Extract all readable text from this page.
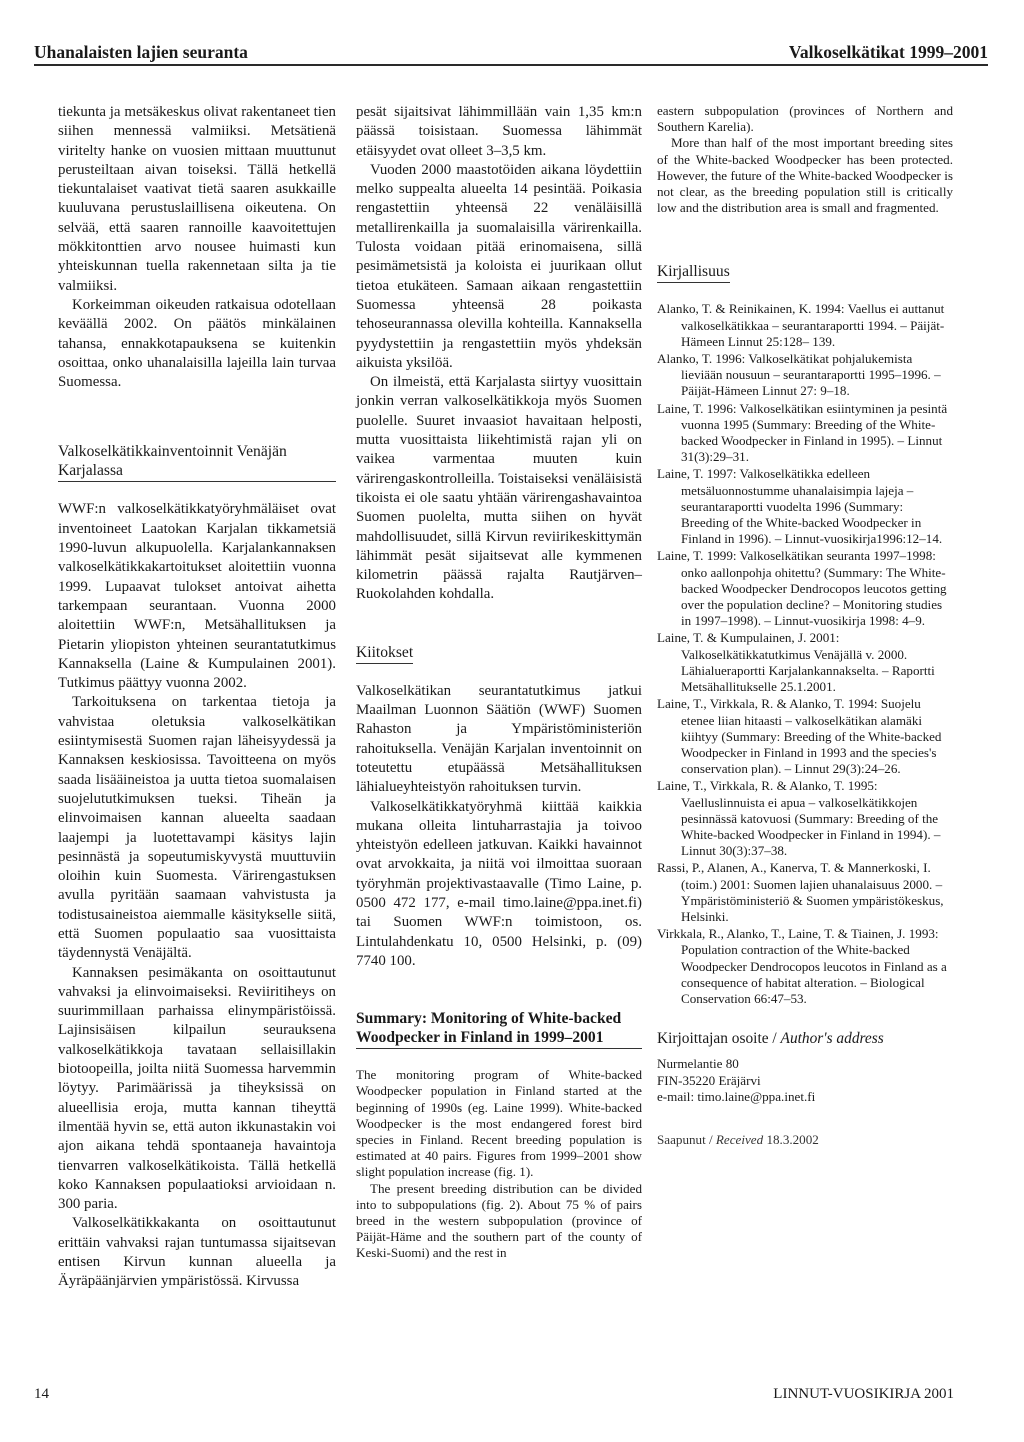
Uhanalaisten lajien seuranta	Valkoselkätikat 1999–2001

tiekunta ja metsäkeskus olivat rakentaneet tien siihen mennessä valmiiksi. Metsätienä viritelty hanke on vuosien mittaan muuttunut perusteiltaan aivan toiseksi. Tällä hetkellä tiekuntalaiset vaativat tietä saaren asukkaille kuuluvana perustuslaillisena oikeutena. On selvää, että saaren rannoille kaavoitettujen mökkitonttien arvo nousee huimasti kun yhteiskunnan tuella rakennetaan silta ja tie valmiiksi.

Korkeimman oikeuden ratkaisua odotellaan keväällä 2002. On päätös minkälainen tahansa, ennakkotapauksena se kuitenkin osoittaa, onko uhanalaisilla lajeilla lain turvaa Suomessa.

Valkoselkätikkainventoinnit Venäjän Karjalassa

WWF:n valkoselkätikkatyöryhmäläiset ovat inventoineet Laatokan Karjalan tikkametsiä 1990-luvun alkupuolella. Karjalankannaksen valkoselkätikkakartoitukset aloitettiin vuonna 1999. Lupaavat tulokset antoivat aihetta tarkempaan seurantaan. Vuonna 2000 aloitettiin WWF:n, Metsähallituksen ja Pietarin yliopiston yhteinen seurantatutkimus Kannaksella (Laine & Kumpulainen 2001). Tutkimus päättyy vuonna 2002.

Tarkoituksena on tarkentaa tietoja ja vahvistaa oletuksia valkoselkätikan esiintymisestä Suomen rajan läheisyydessä ja Kannaksen keskiosissa. Tavoitteena on myös saada lisääineistoa ja uutta tietoa suomalaisen suojelututkimuksen tueksi. Tiheän ja elinvoimaisen kannan alueelta saadaan laajempi ja luotettavampi käsitys lajin pesinnästä ja sopeutumiskyvystä muuttuviin oloihin kuin Suomesta. Värirengastuksen avulla pyritään saamaan vahvistusta ja todistusaineistoa aiemmalle käsitykselle siitä, että Suomen populaatio saa vuosittaista täydennystä Venäjältä.

Kannaksen pesimäkanta on osoittautunut vahvaksi ja elinvoimaiseksi. Reviiritiheys on suurimmillaan parhaissa elinympäristöissä. Lajinsisäisen kilpailun seurauksena valkoselkätikkoja tavataan sellaisillakin biotoopeilla, joilta niitä Suomessa harvemmin löytyy. Parimäärissä ja tiheyksissä on alueellisia eroja, mutta kannan tiheyttä ilmentää hyvin se, että auton ikkunastakin voi ajon aikana tehdä spontaaneja havaintoja tienvarren valkoselkätikoista. Tällä hetkellä koko Kannaksen populaatioksi arvioidaan n. 300 paria.

Valkoselkätikkakanta on osoittautunut erittäin vahvaksi rajan tuntumassa sijaitsevan entisen Kirvun kunnan alueella ja Äyräpäänjärvien ympäristössä. Kirvussa

pesät sijaitsivat lähimmillään vain 1,35 km:n päässä toisistaan. Suomessa lähimmät etäisyydet ovat olleet 3–3,5 km.

Vuoden 2000 maastotöiden aikana löydettiin melko suppealta alueelta 14 pesintää. Poikasia rengastettiin yhteensä 22 venäläisillä metallirenkailla ja suomalaisilla värirenkailla. Tulosta voidaan pitää erinomaisena, sillä pesimämetsistä ja koloista ei juurikaan ollut tietoa etukäteen. Samaan aikaan rengastettiin Suomessa yhteensä 28 poikasta tehoseurannassa olevilla kohteilla. Kannaksella pyydystettiin ja rengastettiin myös yhdeksän aikuista yksilöä.

On ilmeistä, että Karjalasta siirtyy vuosittain jonkin verran valkoselkätikkoja myös Suomen puolelle. Suuret invaasiot havaitaan helposti, mutta vuosittaista liikehtimistä rajan yli on vaikea varmentaa muuten kuin värirengaskontrolleilla. Toistaiseksi venäläisistä tikoista ei ole saatu yhtään värirengashavaintoa Suomen puolelta, mutta siihen on hyvät mahdollisuudet, sillä Kirvun reviirikeskittymän lähimmät pesät sijaitsevat alle kymmenen kilometrin päässä rajalta Rautjärven–Ruokolahden kohdalla.

Kiitokset

Valkoselkätikan seurantatutkimus jatkui Maailman Luonnon Säätiön (WWF) Suomen Rahaston ja Ympäristöministeriön rahoituksella. Venäjän Karjalan inventoinnit on toteutettu etupäässä Metsähallituksen lähialueyhteistyön rahoituksen turvin.

Valkoselkätikkatyöryhmä kiittää kaikkia mukana olleita lintuharrastajia ja toivoo yhteistyön edelleen jatkuvan. Kaikki havainnot ovat arvokkaita, ja niitä voi ilmoittaa suoraan työryhmän projektivastaavalle (Timo Laine, p. 0500 472 177, e-mail timo.laine@ppa.inet.fi) tai Suomen WWF:n toimistoon, os. Lintulahdenkatu 10, 0500 Helsinki, p. (09) 7740 100.

Summary: Monitoring of White-backed Woodpecker in Finland in 1999–2001

The monitoring program of White-backed Woodpecker population in Finland started at the beginning of 1990s (eg. Laine 1999). White-backed Woodpecker is the most endangered forest bird species in Finland. Recent breeding population is estimated at 40 pairs. Figures from 1999–2001 show slight population increase (fig. 1).

The present breeding distribution can be divided into to subpopulations (fig. 2). About 75 % of pairs breed in the western subpopulation (province of Päijät-Häme and the southern part of the county of Keski-Suomi) and the rest in

eastern subpopulation (provinces of Northern and Southern Karelia).

More than half of the most important breeding sites of the White-backed Woodpecker has been protected. However, the future of the White-backed Woodpecker is not clear, as the breeding population still is critically low and the distribution area is small and fragmented.

Kirjallisuus
Alanko, T. & Reinikainen, K. 1994: Vaellus ei auttanut valkoselkätikkaa – seurantaraportti 1994. – Päijät-Hämeen Linnut 25:128– 139.
Alanko, T. 1996: Valkoselkätikat pohjalukemista lieviään nousuun – seurantaraportti 1995–1996. – Päijät-Hämeen Linnut 27: 9–18.
Laine, T. 1996: Valkoselkätikan esiintyminen ja pesintä vuonna 1995 (Summary: Breeding of the White-backed Woodpecker in Finland in 1995). – Linnut 31(3):29–31.
Laine, T. 1997: Valkoselkätikka edelleen metsäluonnostumme uhanalaisimpia lajeja – seurantaraportti vuodelta 1996 (Summary: Breeding of the White-backed Woodpecker in Finland in 1996). – Linnut-vuosikirja1996:12–14.
Laine, T. 1999: Valkoselkätikan seuranta 1997–1998: onko aallonpohja ohitettu? (Summary: The White-backed Woodpecker Dendrocopos leucotos getting over the population decline? – Monitoring studies in 1997–1998). – Linnut-vuosikirja 1998: 4–9.
Laine, T. & Kumpulainen, J. 2001: Valkoselkätikkatutkimus Venäjällä v. 2000. Lähialueraportti Karjalankannakselta. – Raportti Metsähallitukselle 25.1.2001.
Laine, T., Virkkala, R. & Alanko, T. 1994: Suojelu etenee liian hitaasti – valkoselkätikan alamäki kiihtyy (Summary: Breeding of the White-backed Woodpecker in Finland in 1993 and the species's conservation plan). – Linnut 29(3):24–26.
Laine, T., Virkkala, R. & Alanko, T. 1995: Vaelluslinnuista ei apua – valkoselkätikkojen pesinnässä katovuosi (Summary: Breeding of the White-backed Woodpecker in Finland in 1994). – Linnut 30(3):37–38.
Rassi, P., Alanen, A., Kanerva, T. & Mannerkoski, I.(toim.) 2001: Suomen lajien uhanalaisuus 2000. – Ympäristöministeriö & Suomen ympäristökeskus, Helsinki.
Virkkala, R., Alanko, T., Laine, T. & Tiainen, J. 1993: Population contraction of the White-backed Woodpecker Dendrocopos leucotos in Finland as a consequence of habitat alteration. – Biological Conservation 66:47–53.
Kirjoittajan osoite / Author's address
Nurmelantie 80
FIN-35220 Eräjärvi
e-mail: timo.laine@ppa.inet.fi
Saapunut / Received 18.3.2002
14	LINNUT-VUOSIKIRJA 2001
